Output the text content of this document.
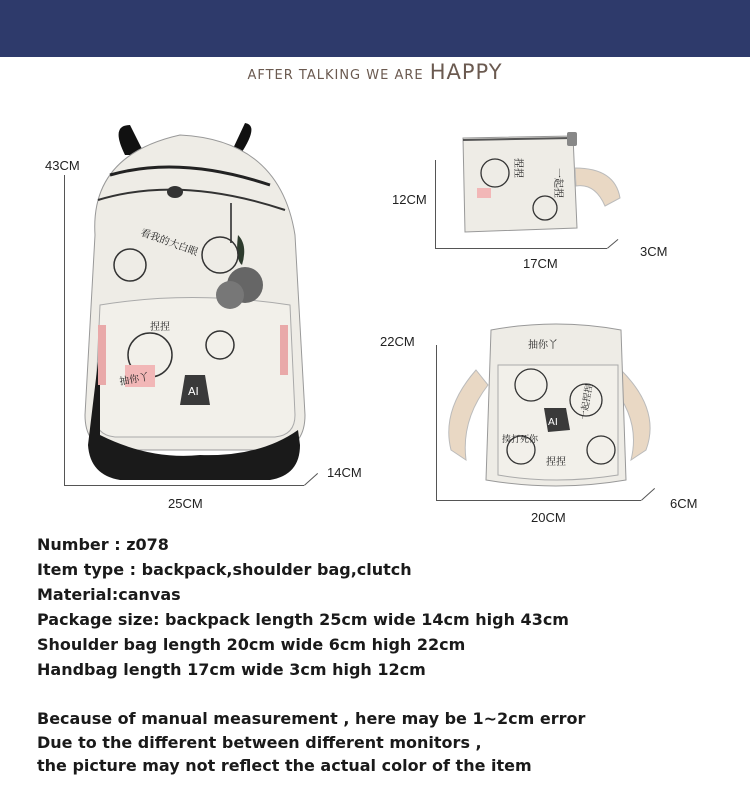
AFTER TALKING WE ARE HAPPY
43CM
25CM
14CM
AI
看我的大白眼
捏捏
抽你丫
12CM
17CM
3CM
捏捏	一起捏
22CM
20CM
6CM
AI
抽你丫
捏捏
一起捏捏
揍打死你
Number : z078
Item type : backpack,shoulder bag,clutch
Material:canvas
Package size: backpack length 25cm wide 14cm high 43cm
Shoulder bag length 20cm wide 6cm high 22cm
Handbag length 17cm wide 3cm high 12cm
Because of manual measurement , here may be 1~2cm error
Due to the different between different monitors ,
the picture may not reflect the actual color of the item
